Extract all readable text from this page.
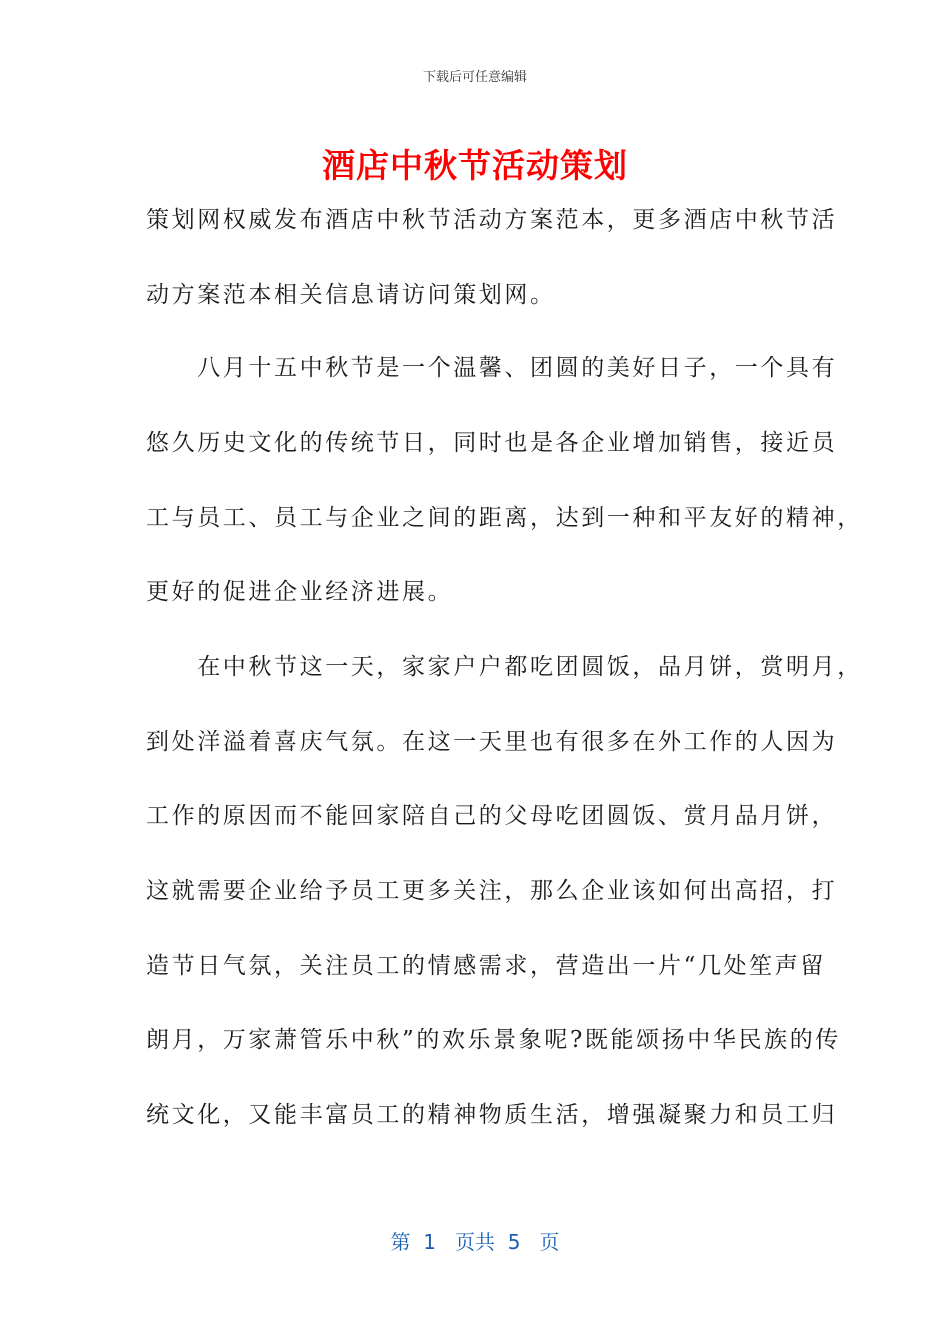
下载后可任意编辑
酒店中秋节活动策划
策划网权威发布酒店中秋节活动方案范本，更多酒店中秋节活
动方案范本相关信息请访问策划网。
　　八月十五中秋节是一个温馨、团圆的美好日子，一个具有
悠久历史文化的传统节日，同时也是各企业增加销售，接近员
工与员工、员工与企业之间的距离，达到一种和平友好的精神，
更好的促进企业经济进展。
　　在中秋节这一天，家家户户都吃团圆饭，品月饼，赏明月，
到处洋溢着喜庆气氛。在这一天里也有很多在外工作的人因为
工作的原因而不能回家陪自己的父母吃团圆饭、赏月品月饼，
这就需要企业给予员工更多关注，那么企业该如何出高招，打
造节日气氛，关注员工的情感需求，营造出一片“几处笙声留
朗月，万家萧管乐中秋”的欢乐景象呢?既能颂扬中华民族的传
统文化，又能丰富员工的精神物质生活，增强凝聚力和员工归
第  1   页共  5   页
